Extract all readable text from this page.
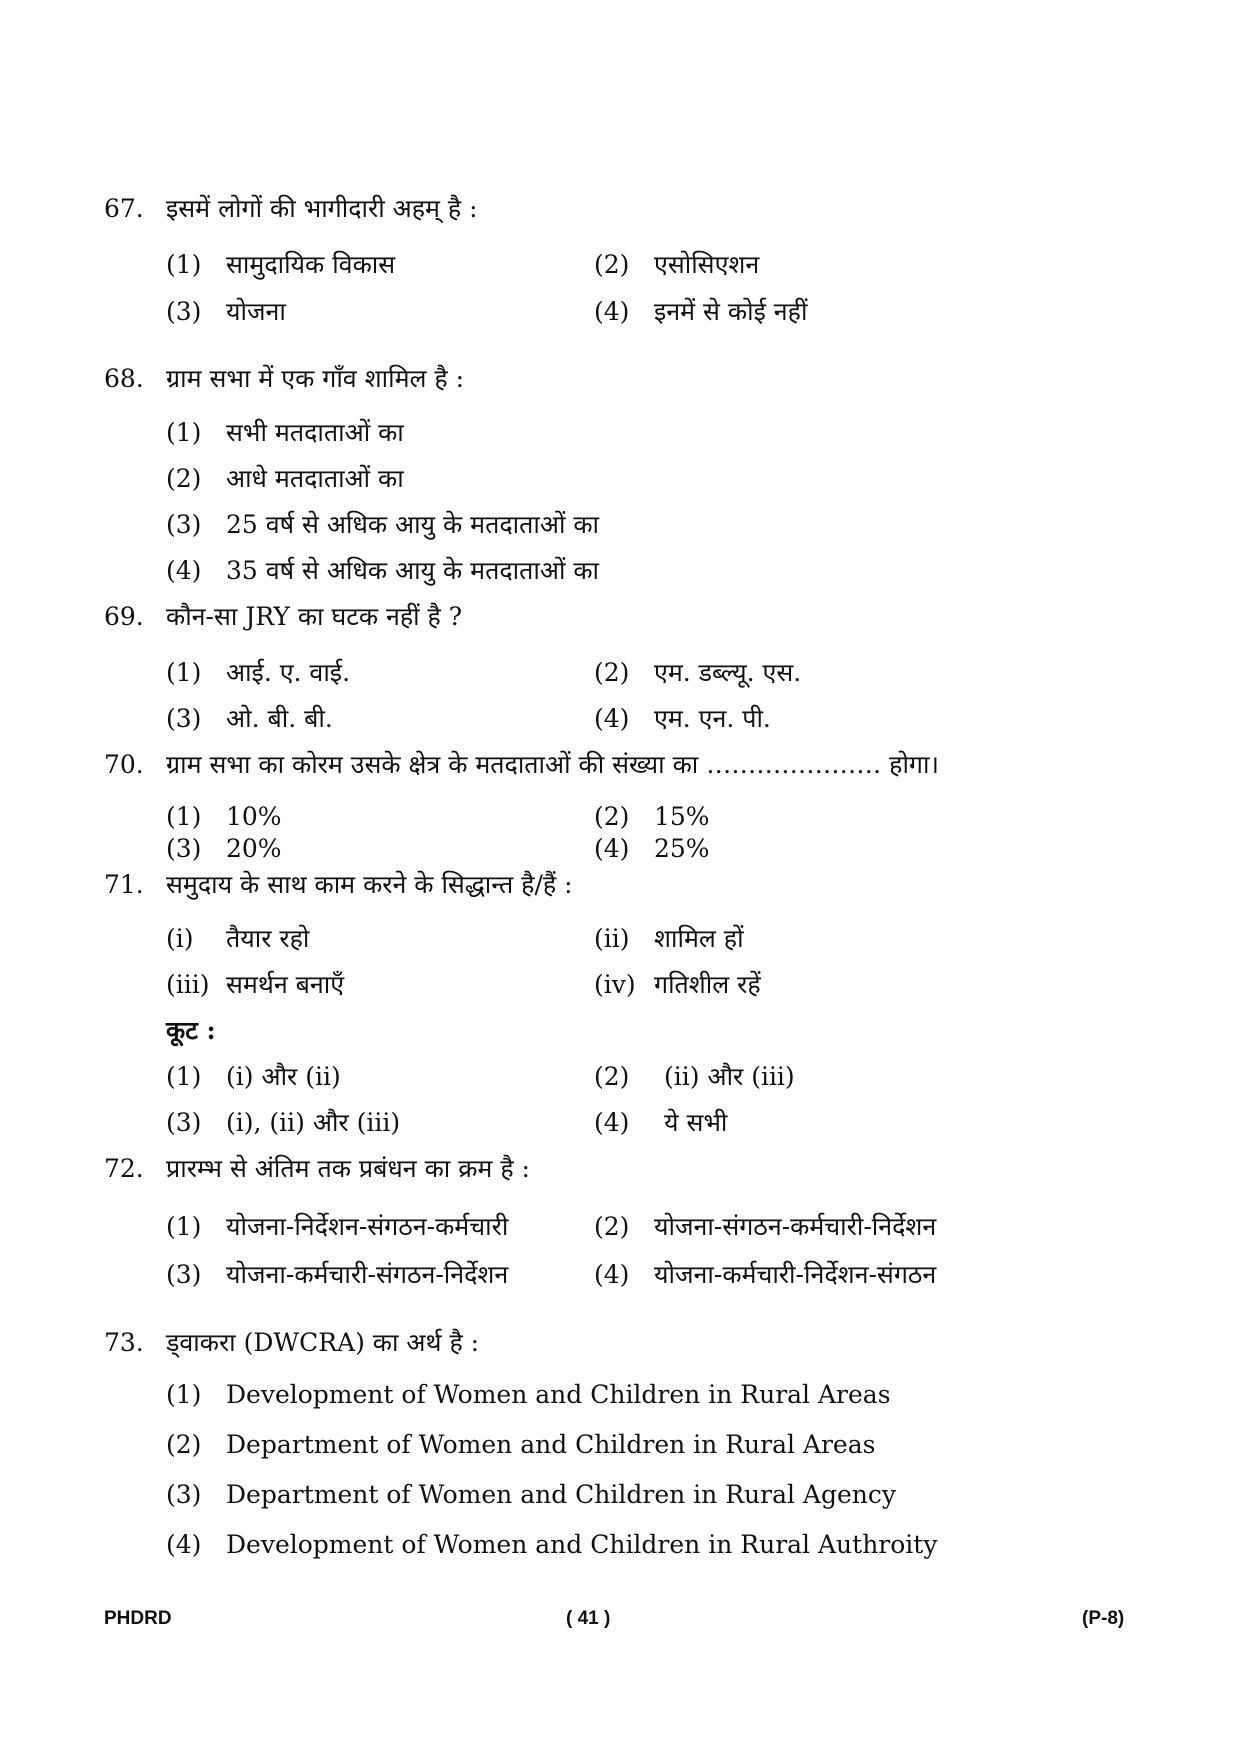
67. इसमें लोगों की भागीदारी अहम् है :
(1) सामुदायिक विकास	(2) एसोसिएशन
(3) योजना	(4) इनमें से कोई नहीं
68. ग्राम सभा में एक गाँव शामिल है :
(1) सभी मतदाताओं का
(2) आधे मतदाताओं का
(3) 25 वर्ष से अधिक आयु के मतदाताओं का
(4) 35 वर्ष से अधिक आयु के मतदाताओं का
69. कौन-सा JRY का घटक नहीं है ?
(1) आई. ए. वाई.	(2) एम. डब्ल्यू. एस.
(3) ओ. बी. बी.	(4) एम. एन. पी.
70. ग्राम सभा का कोरम उसके क्षेत्र के मतदाताओं की संख्या का ………………… होगा।
(1) 10%	(2) 15%
(3) 20%	(4) 25%
71. समुदाय के साथ काम करने के सिद्धान्त है/हैं :
(i) तैयार रहो	(ii) शामिल हों
(iii) समर्थन बनाएँ	(iv) गतिशील रहें
कूट :
(1) (i) और (ii)	(2) (ii) और (iii)
(3) (i), (ii) और (iii)	(4) ये सभी
72. प्रारम्भ से अंतिम तक प्रबंधन का क्रम है :
(1) योजना-निर्देशन-संगठन-कर्मचारी	(2) योजना-संगठन-कर्मचारी-निर्देशन
(3) योजना-कर्मचारी-संगठन-निर्देशन	(4) योजना-कर्मचारी-निर्देशन-संगठन
73. ड्वाकरा (DWCRA) का अर्थ है :
(1) Development of Women and Children in Rural Areas
(2) Department of Women and Children in Rural Areas
(3) Department of Women and Children in Rural Agency
(4) Development of Women and Children in Rural Authroity
PHDRD	( 41 )	(P-8)
